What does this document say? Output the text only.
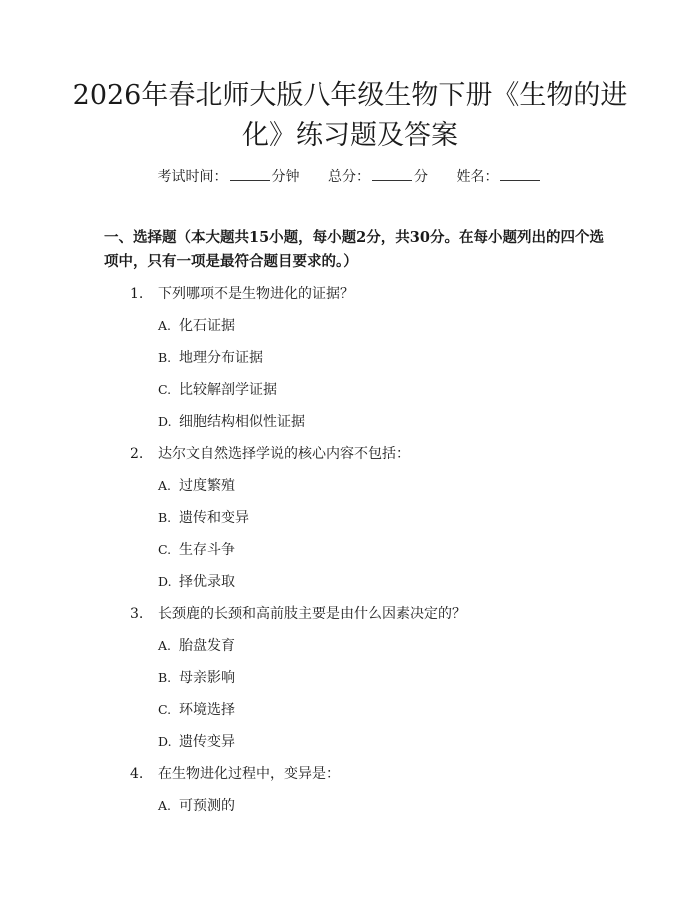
2026年春北师大版八年级生物下册《生物的进化》练习题及答案
考试时间：	分钟 总分：	分 姓名：
一、选择题（本大题共15小题，每小题2分，共30分。在每小题列出的四个选项中，只有一项是最符合题目要求的。）
1. 下列哪项不是生物进化的证据？
A. 化石证据
B. 地理分布证据
C. 比较解剖学证据
D. 细胞结构相似性证据
2. 达尔文自然选择学说的核心内容不包括：
A. 过度繁殖
B. 遗传和变异
C. 生存斗争
D. 择优录取
3. 长颈鹿的长颈和高前肢主要是由什么因素决定的？
A. 胎盘发育
B. 母亲影响
C. 环境选择
D. 遗传变异
4. 在生物进化过程中，变异是：
A. 可预测的
